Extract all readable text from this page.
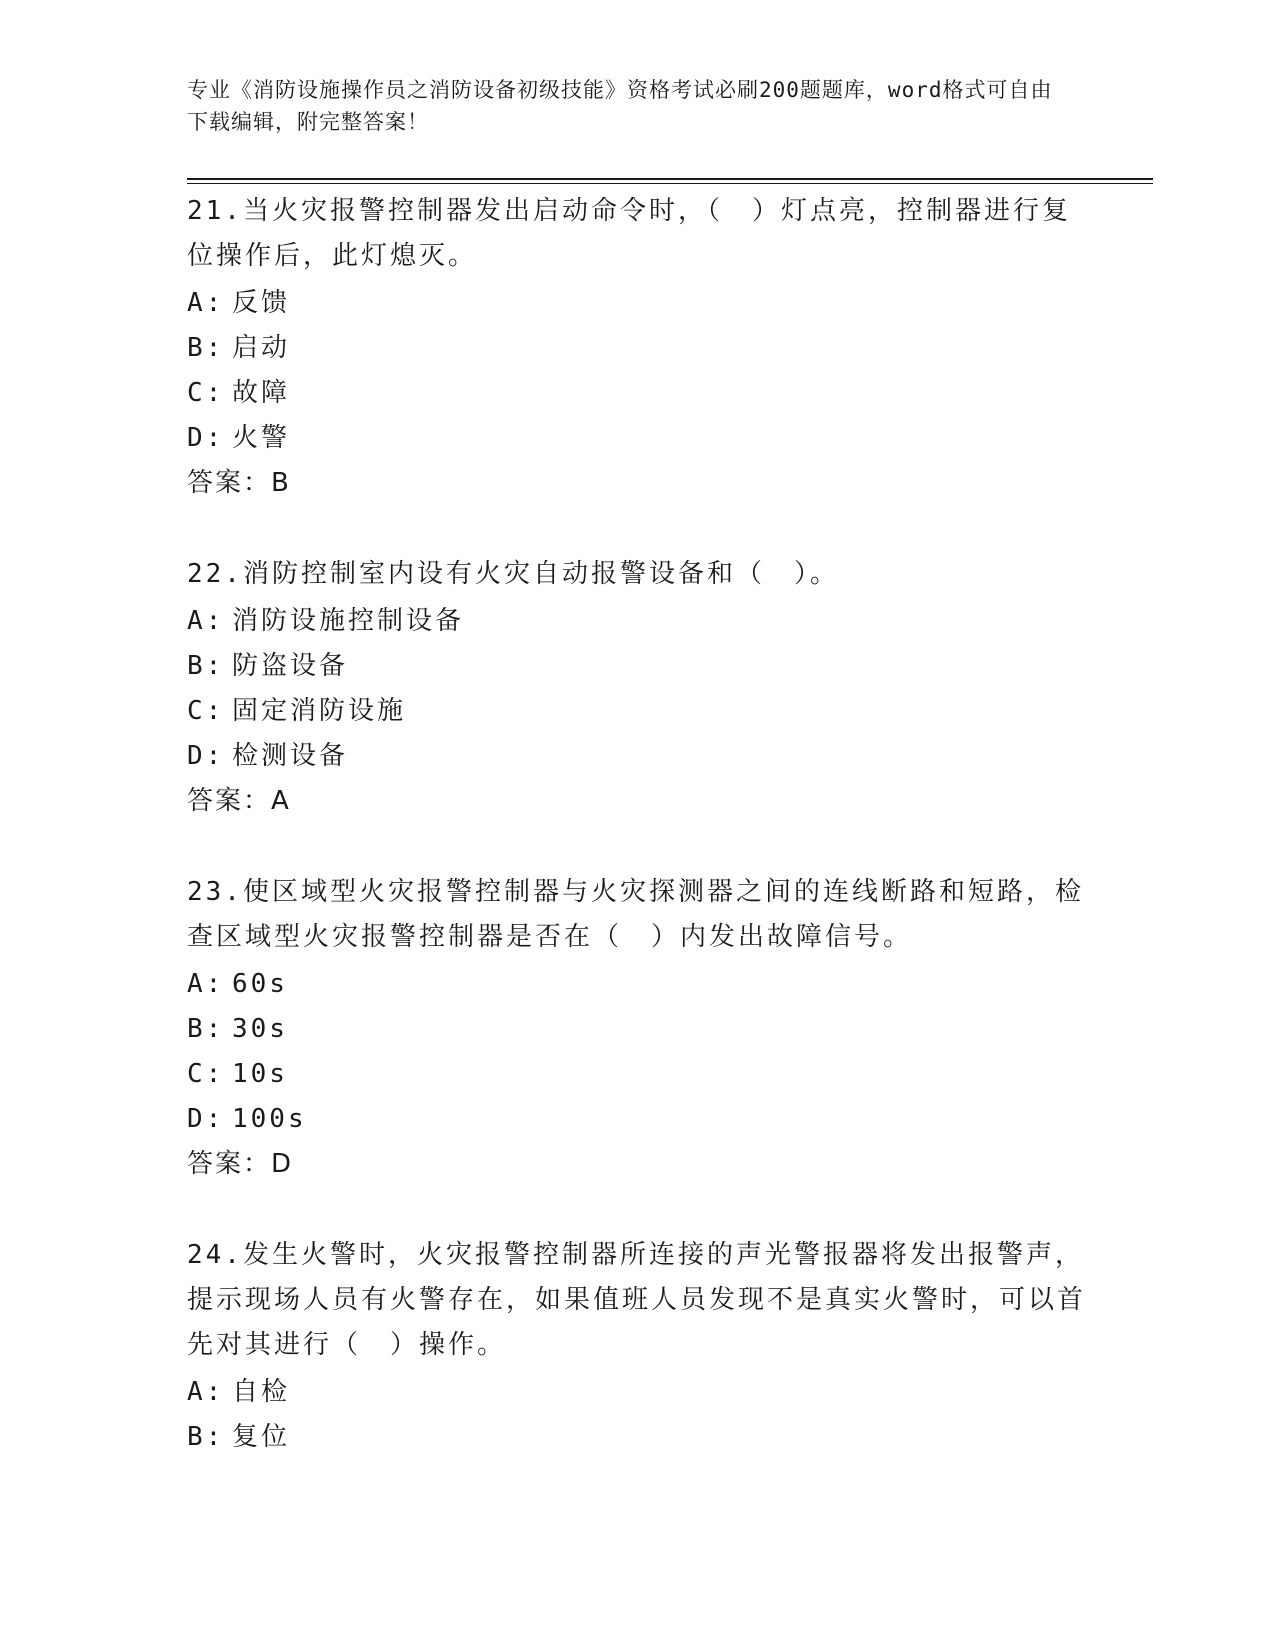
专业《消防设施操作员之消防设备初级技能》资格考试必刷200题题库，word格式可自由下载编辑，附完整答案！
21.当火灾报警控制器发出启动命令时，（　）灯点亮，控制器进行复位操作后，此灯熄灭。
A: 反馈
B: 启动
C: 故障
D: 火警
答案：B
22.消防控制室内设有火灾自动报警设备和（　）。
A: 消防设施控制设备
B: 防盗设备
C: 固定消防设施
D: 检测设备
答案：A
23.使区域型火灾报警控制器与火灾探测器之间的连线断路和短路，检查区域型火灾报警控制器是否在（　）内发出故障信号。
A: 60s
B: 30s
C: 10s
D: 100s
答案：D
24.发生火警时，火灾报警控制器所连接的声光警报器将发出报警声，提示现场人员有火警存在，如果值班人员发现不是真实火警时，可以首先对其进行（　）操作。
A: 自检
B: 复位
